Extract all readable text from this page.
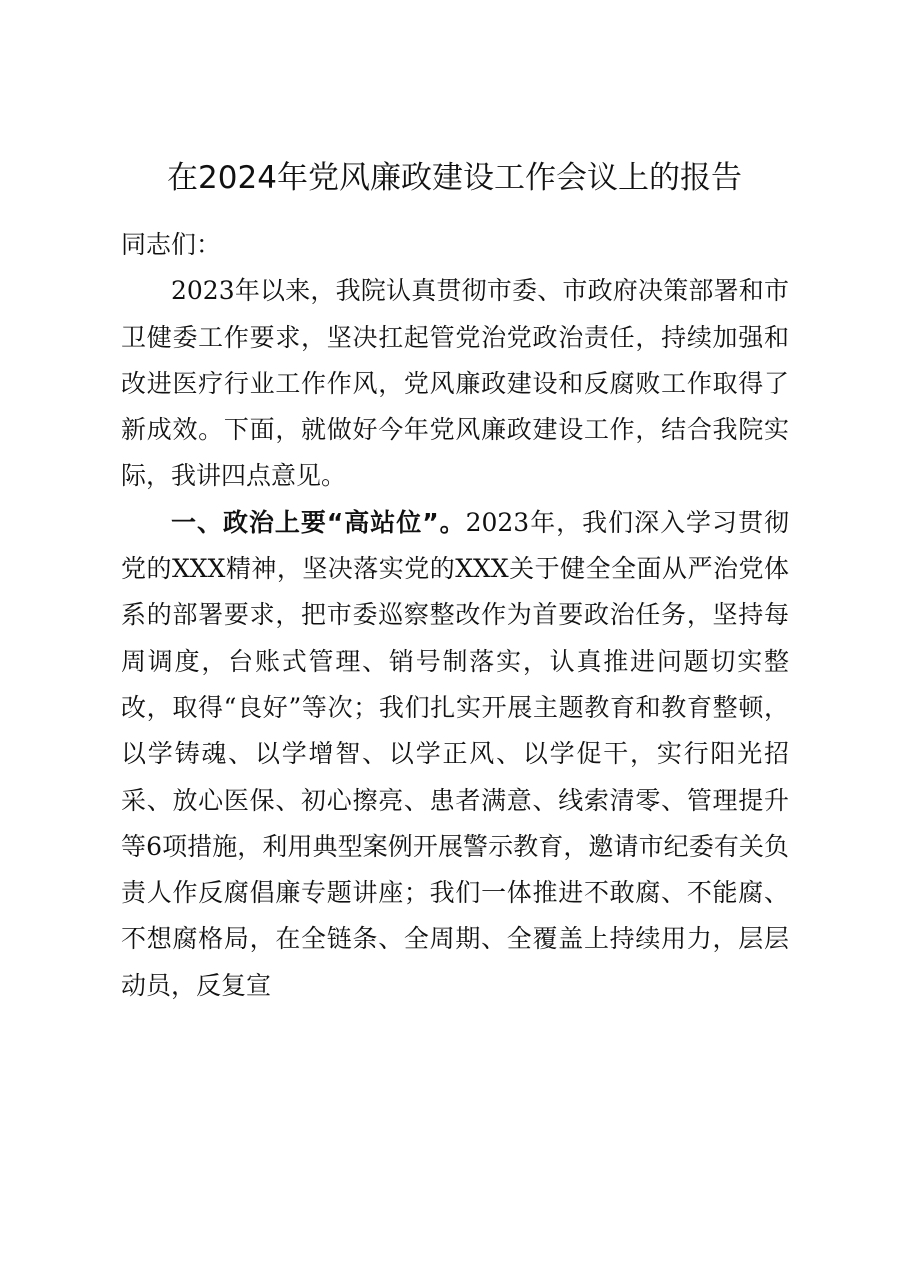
在2024年党风廉政建设工作会议上的报告

同志们：

2023年以来，我院认真贯彻市委、市政府决策部署和市卫健委工作要求，坚决扛起管党治党政治责任，持续加强和改进医疗行业工作作风，党风廉政建设和反腐败工作取得了新成效。下面，就做好今年党风廉政建设工作，结合我院实际，我讲四点意见。

一、政治上要“高站位”。2023年，我们深入学习贯彻党的XXX精神，坚决落实党的XXX关于健全全面从严治党体系的部署要求，把市委巡察整改作为首要政治任务，坚持每周调度，台账式管理、销号制落实，认真推进问题切实整改，取得“良好”等次；我们扎实开展主题教育和教育整顿，以学铸魂、以学增智、以学正风、以学促干，实行阳光招采、放心医保、初心擦亮、患者满意、线索清零、管理提升等6项措施，利用典型案例开展警示教育，邀请市纪委有关负责人作反腐倡廉专题讲座；我们一体推进不敢腐、不能腐、不想腐格局，在全链条、全周期、全覆盖上持续用力，层层动员，反复宣
